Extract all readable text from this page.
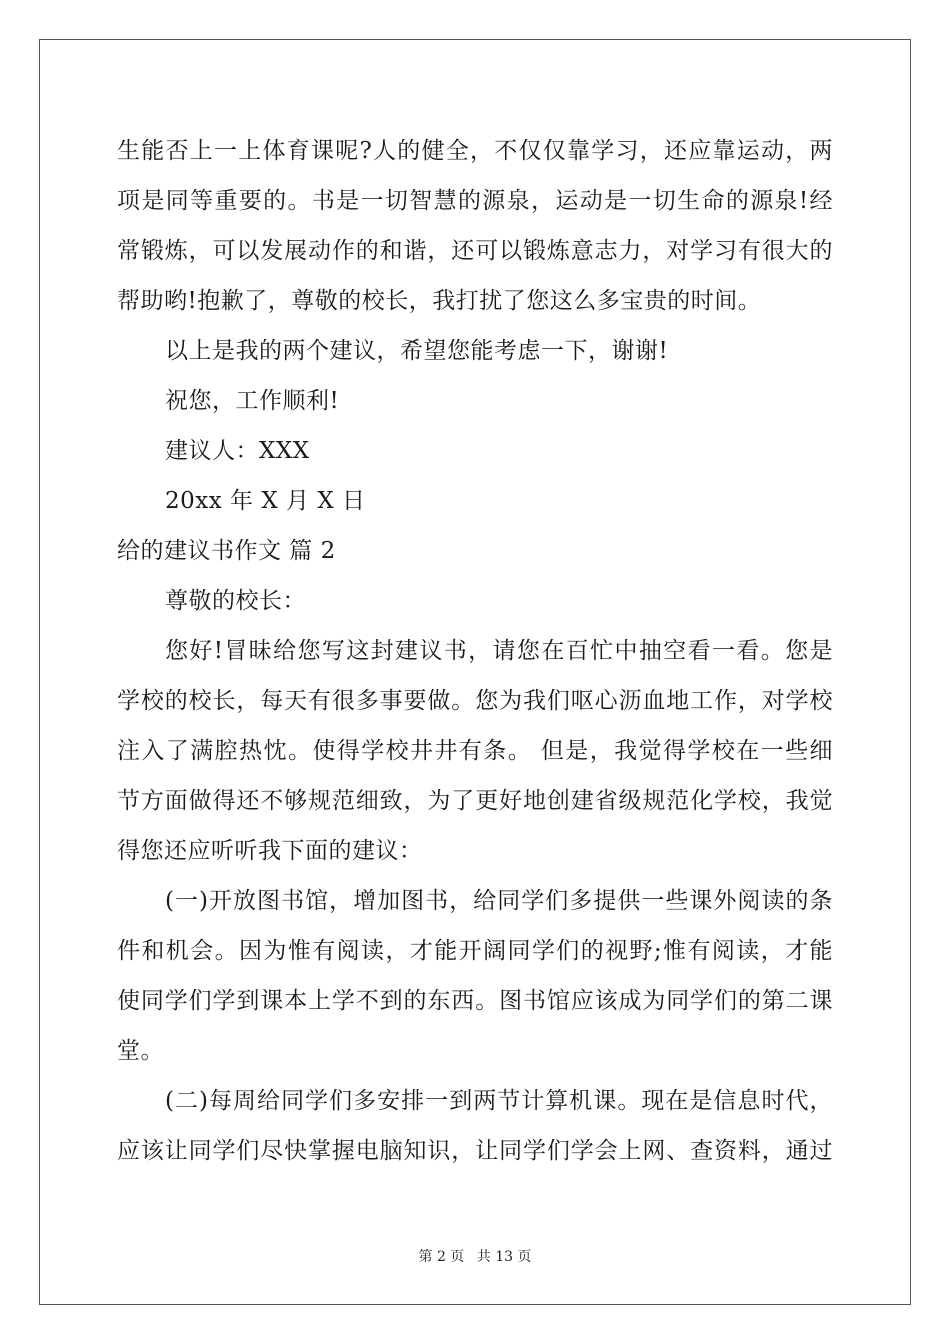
生能否上一上体育课呢?人的健全，不仅仅靠学习，还应靠运动，两
项是同等重要的。书是一切智慧的源泉，运动是一切生命的源泉!经
常锻炼，可以发展动作的和谐，还可以锻炼意志力，对学习有很大的
帮助哟!抱歉了，尊敬的校长，我打扰了您这么多宝贵的时间。
以上是我的两个建议，希望您能考虑一下，谢谢!
祝您，工作顺利!
建议人：XXX
20xx 年 X 月 X 日
给的建议书作文 篇 2
尊敬的校长：
您好!冒昧给您写这封建议书，请您在百忙中抽空看一看。您是
学校的校长，每天有很多事要做。您为我们呕心沥血地工作，对学校
注入了满腔热忱。使得学校井井有条。 但是，我觉得学校在一些细
节方面做得还不够规范细致，为了更好地创建省级规范化学校，我觉
得您还应听听我下面的建议：
(一)开放图书馆，增加图书，给同学们多提供一些课外阅读的条
件和机会。因为惟有阅读，才能开阔同学们的视野;惟有阅读，才能
使同学们学到课本上学不到的东西。图书馆应该成为同学们的第二课
堂。
(二)每周给同学们多安排一到两节计算机课。现在是信息时代，
应该让同学们尽快掌握电脑知识，让同学们学会上网、查资料，通过
第 2 页 共 13 页
